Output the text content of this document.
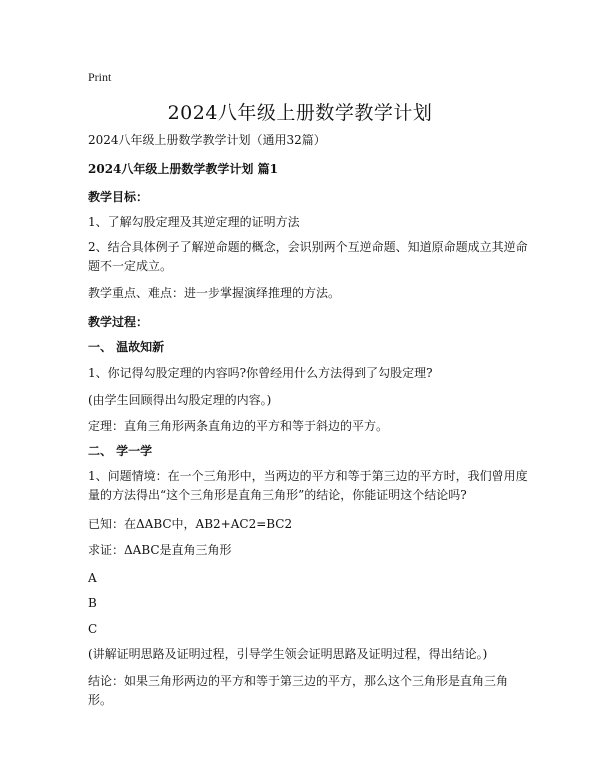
Print
2024八年级上册数学教学计划
2024八年级上册数学教学计划（通用32篇）
2024八年级上册数学教学计划 篇1
教学目标：
1、了解勾股定理及其逆定理的证明方法
2、结合具体例子了解逆命题的概念，会识别两个互逆命题、知道原命题成立其逆命题不一定成立。
教学重点、难点：进一步掌握演绎推理的方法。
教学过程：
一、 温故知新
1、你记得勾股定理的内容吗?你曾经用什么方法得到了勾股定理?
(由学生回顾得出勾股定理的内容。)
定理：直角三角形两条直角边的平方和等于斜边的平方。
二、 学一学
1、问题情境：在一个三角形中，当两边的平方和等于第三边的平方时，我们曾用度量的方法得出“这个三角形是直角三角形”的结论，你能证明这个结论吗?
已知：在ΔABC中，AB2+AC2=BC2
求证：ΔABC是直角三角形
A
B
C
(讲解证明思路及证明过程，引导学生领会证明思路及证明过程，得出结论。)
结论：如果三角形两边的平方和等于第三边的平方，那么这个三角形是直角三角形。
